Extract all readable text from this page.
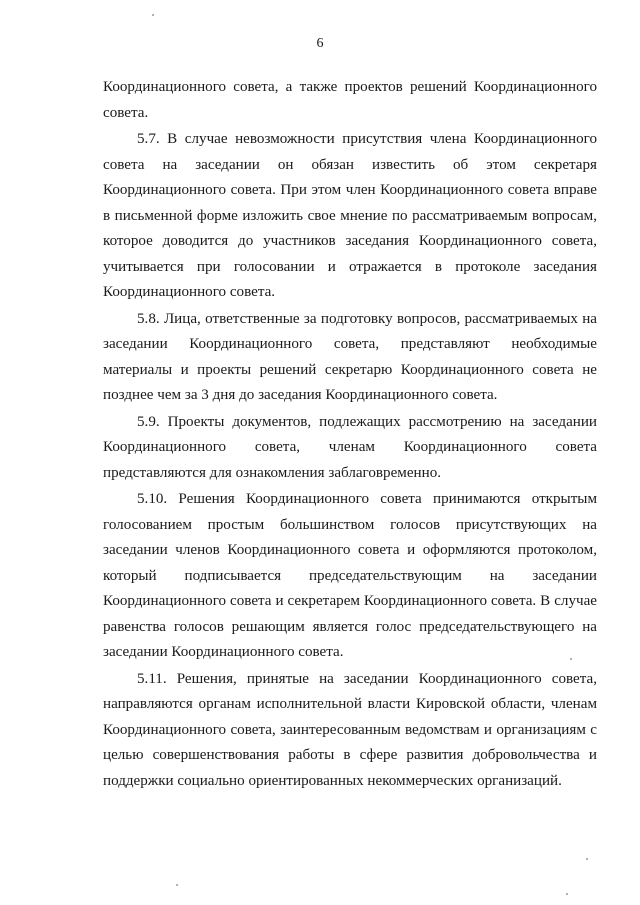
6

Координационного совета, а также проектов решений Координационного совета.

5.7. В случае невозможности присутствия члена Координационного совета на заседании он обязан известить об этом секретаря Координационного совета. При этом член Координационного совета вправе в письменной форме изложить свое мнение по рассматриваемым вопросам, которое доводится до участников заседания Координационного совета, учитывается при голосовании и отражается в протоколе заседания Координационного совета.

5.8. Лица, ответственные за подготовку вопросов, рассматриваемых на заседании Координационного совета, представляют необходимые материалы и проекты решений секретарю Координационного совета не позднее чем за 3 дня до заседания Координационного совета.

5.9. Проекты документов, подлежащих рассмотрению на заседании Координационного совета, членам Координационного совета представляются для ознакомления заблаговременно.

5.10. Решения Координационного совета принимаются открытым голосованием простым большинством голосов присутствующих на заседании членов Координационного совета и оформляются протоколом, который подписывается председательствующим на заседании Координационного совета и секретарем Координационного совета. В случае равенства голосов решающим является голос председательствующего на заседании Координационного совета.

5.11. Решения, принятые на заседании Координационного совета, направляются органам исполнительной власти Кировской области, членам Координационного совета, заинтересованным ведомствам и организациям с целью совершенствования работы в сфере развития добровольчества и поддержки социально ориентированных некоммерческих организаций.
